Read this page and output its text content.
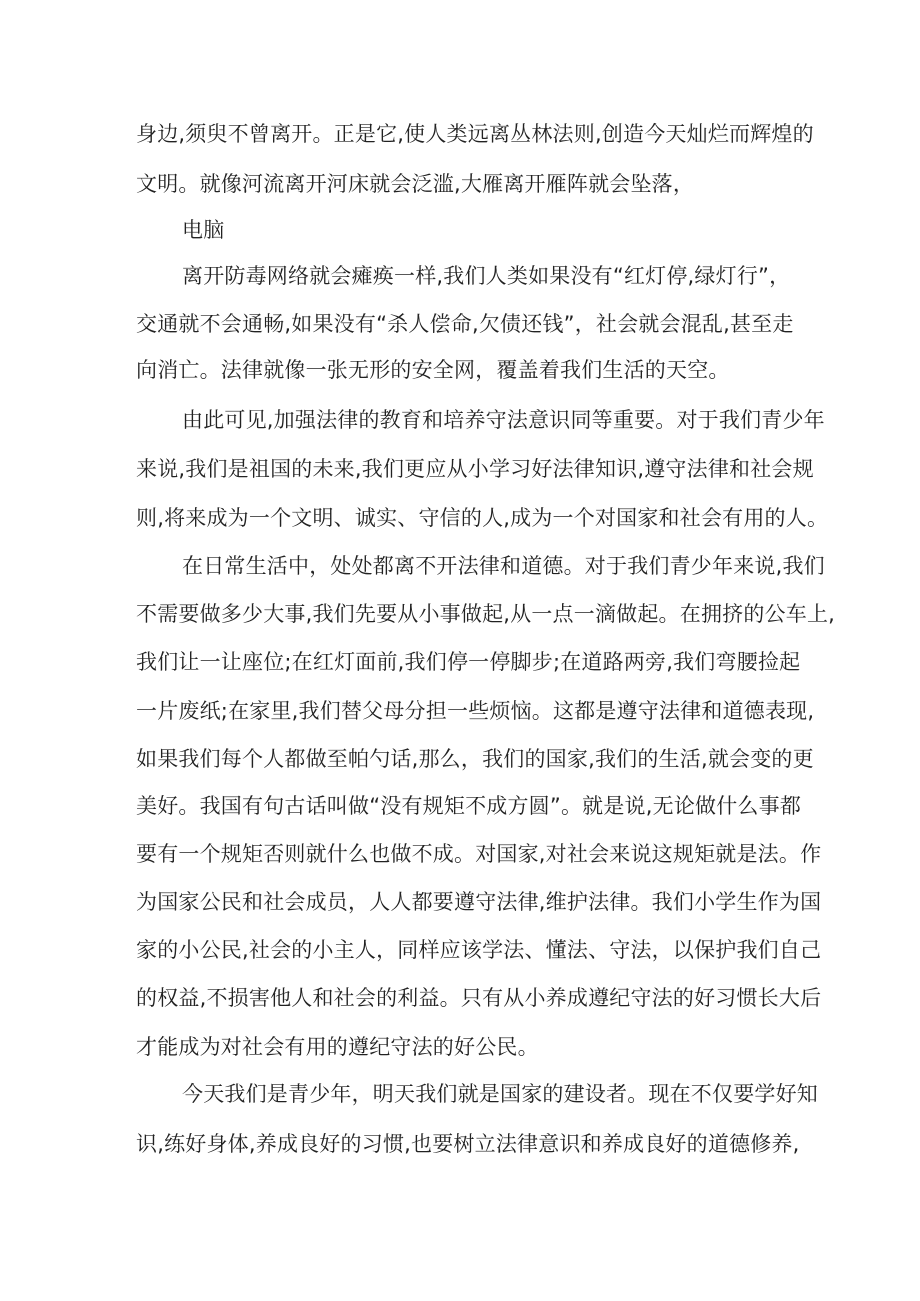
身边,须臾不曾离开。正是它,使人类远离丛林法则,创造今天灿烂而辉煌的
文明。就像河流离开河床就会泛滥,大雁离开雁阵就会坠落，
电脑
离开防毒网络就会瘫痪一样,我们人类如果没有“红灯停,绿灯行”，
交通就不会通畅,如果没有“杀人偿命,欠债还钱”，社会就会混乱,甚至走
向消亡。法律就像一张无形的安全网，覆盖着我们生活的天空。
由此可见,加强法律的教育和培养守法意识同等重要。对于我们青少年
来说,我们是祖国的未来,我们更应从小学习好法律知识,遵守法律和社会规
则,将来成为一个文明、诚实、守信的人,成为一个对国家和社会有用的人。
在日常生活中，处处都离不开法律和道德。对于我们青少年来说,我们
不需要做多少大事,我们先要从小事做起,从一点一滴做起。在拥挤的公车上,
我们让一让座位;在红灯面前,我们停一停脚步;在道路两旁,我们弯腰捡起
一片废纸;在家里,我们替父母分担一些烦恼。这都是遵守法律和道德表现,
如果我们每个人都做至帕勺话,那么，我们的国家,我们的生活,就会变的更
美好。我国有句古话叫做“没有规矩不成方圆”。就是说,无论做什么事都
要有一个规矩否则就什么也做不成。对国家,对社会来说这规矩就是法。作
为国家公民和社会成员，人人都要遵守法律,维护法律。我们小学生作为国
家的小公民,社会的小主人，同样应该学法、懂法、守法，以保护我们自己
的权益,不损害他人和社会的利益。只有从小养成遵纪守法的好习惯长大后
才能成为对社会有用的遵纪守法的好公民。
今天我们是青少年，明天我们就是国家的建设者。现在不仅要学好知
识,练好身体,养成良好的习惯,也要树立法律意识和养成良好的道德修养,
